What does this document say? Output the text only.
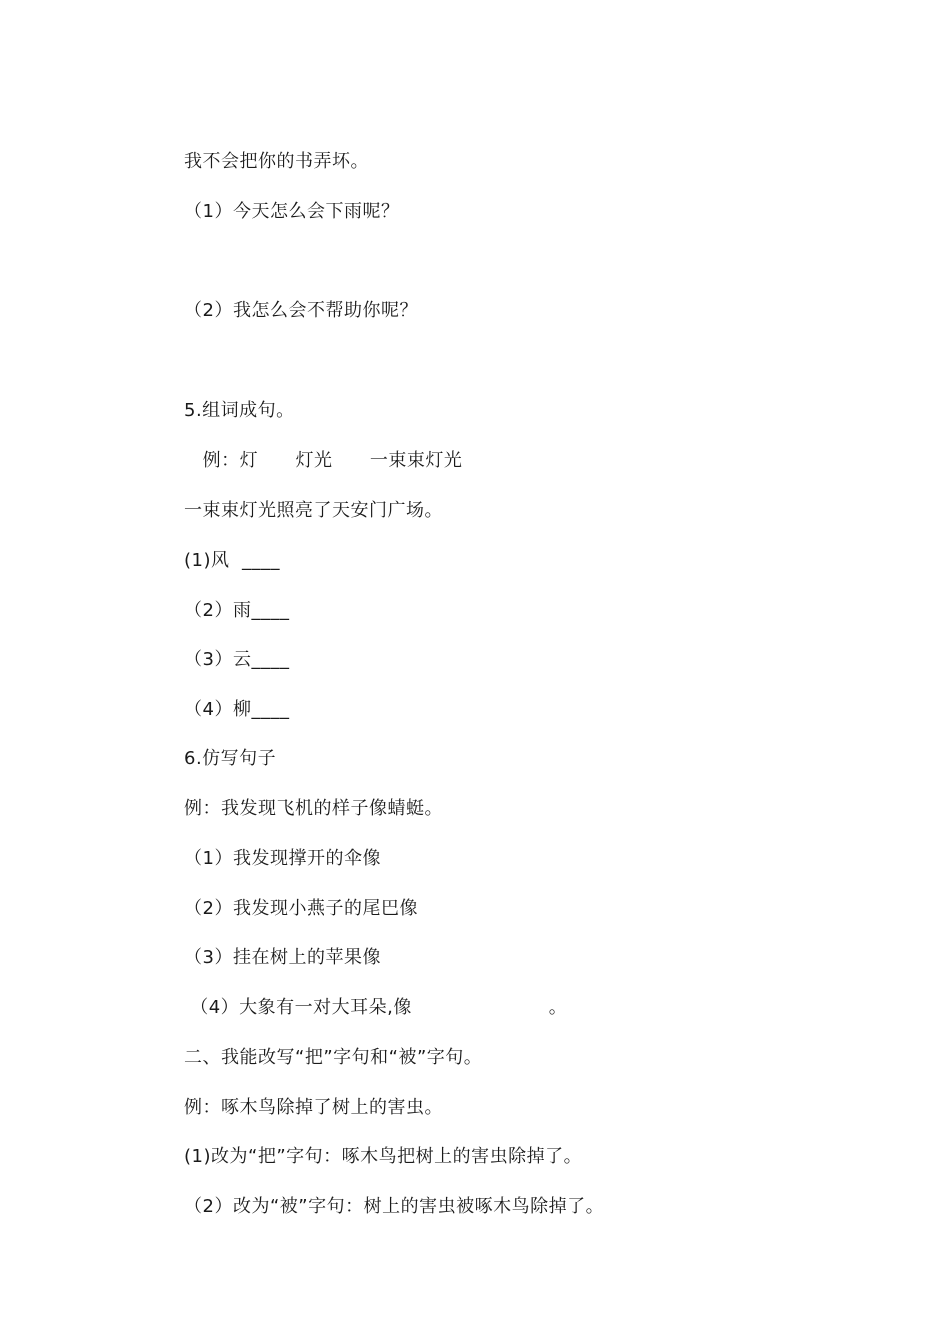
我不会把你的书弄坏。
（1）今天怎么会下雨呢？
（2）我怎么会不帮助你呢？
5.组词成句。
例：灯      灯光      一束束灯光
一束束灯光照亮了天安门广场。
(1)风  ____
（2）雨____
（3）云____
（4）柳____
6.仿写句子
例：我发现飞机的样子像蜻蜓。
（1）我发现撑开的伞像
（2）我发现小燕子的尾巴像
（3）挂在树上的苹果像
（4）大象有一对大耳朵,像                      。
二、我能改写“把”字句和“被”字句。
例：啄木鸟除掉了树上的害虫。
(1)改为“把”字句：啄木鸟把树上的害虫除掉了。
（2）改为“被”字句：树上的害虫被啄木鸟除掉了。
